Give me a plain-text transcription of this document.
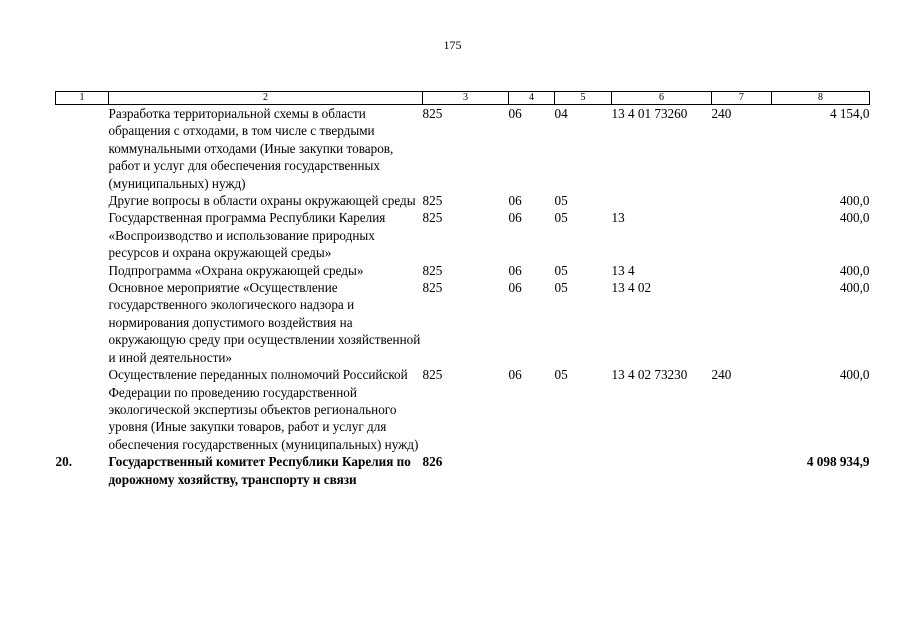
175
1	2	3	4	5	6	7	8
	Разработка территориальной схемы в области обращения с отходами, в том числе с твердыми коммунальными отходами (Иные закупки товаров, работ и услуг для обеспечения государственных (муниципальных) нужд)	825	06	04	13 4 01 73260	240	4 154,0
	Другие вопросы в области охраны окружающей среды	825	06	05			400,0
	Государственная программа Республики Карелия «Воспроизводство и использование природных ресурсов и охрана окружающей среды»	825	06	05	13		400,0
	Подпрограмма «Охрана окружающей среды»	825	06	05	13 4		400,0
	Основное мероприятие «Осуществление государственного экологического надзора и нормирования допустимого воздействия на окружающую среду при осуществлении хозяйственной и иной деятельности»	825	06	05	13 4 02		400,0
	Осуществление переданных полномочий Российской Федерации по проведению государственной экологической экспертизы объектов регионального уровня (Иные закупки товаров, работ и услуг для обеспечения государственных (муниципальных) нужд)	825	06	05	13 4 02 73230	240	400,0
20.	Государственный комитет Республики Карелия по дорожному хозяйству, транспорту и связи	826					4 098 934,9
